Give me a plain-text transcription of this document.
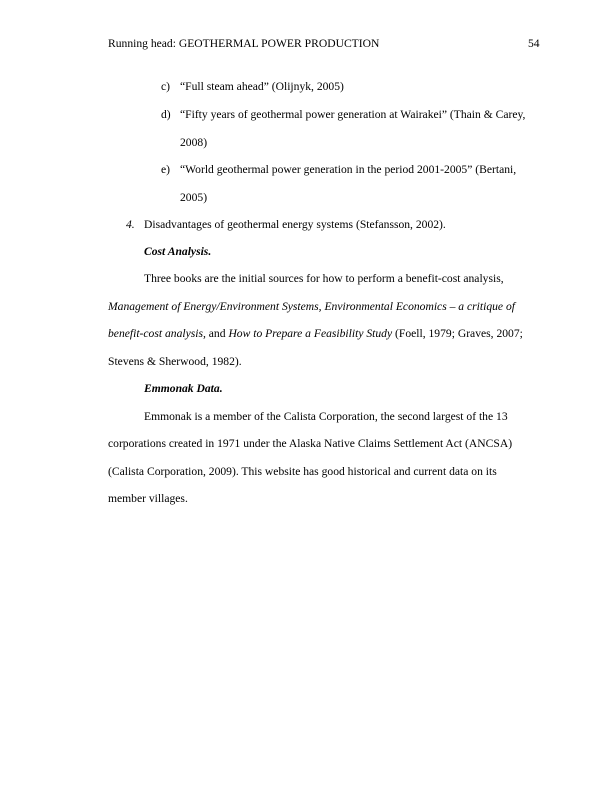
Running head: GEOTHERMAL POWER PRODUCTION	54
c) “Full steam ahead” (Olijnyk, 2005)
d) “Fifty years of geothermal power generation at Wairakei” (Thain & Carey,
2008)
e) “World geothermal power generation in the period 2001-2005” (Bertani,
2005)
4. Disadvantages of geothermal energy systems (Stefansson, 2002).
Cost Analysis.
Three books are the initial sources for how to perform a benefit-cost analysis,
Management of Energy/Environment Systems, Environmental Economics – a critique of
benefit-cost analysis, and How to Prepare a Feasibility Study (Foell, 1979; Graves, 2007;
Stevens & Sherwood, 1982).
Emmonak Data.
Emmonak is a member of the Calista Corporation, the second largest of the 13
corporations created in 1971 under the Alaska Native Claims Settlement Act (ANCSA)
(Calista Corporation, 2009). This website has good historical and current data on its
member villages.
